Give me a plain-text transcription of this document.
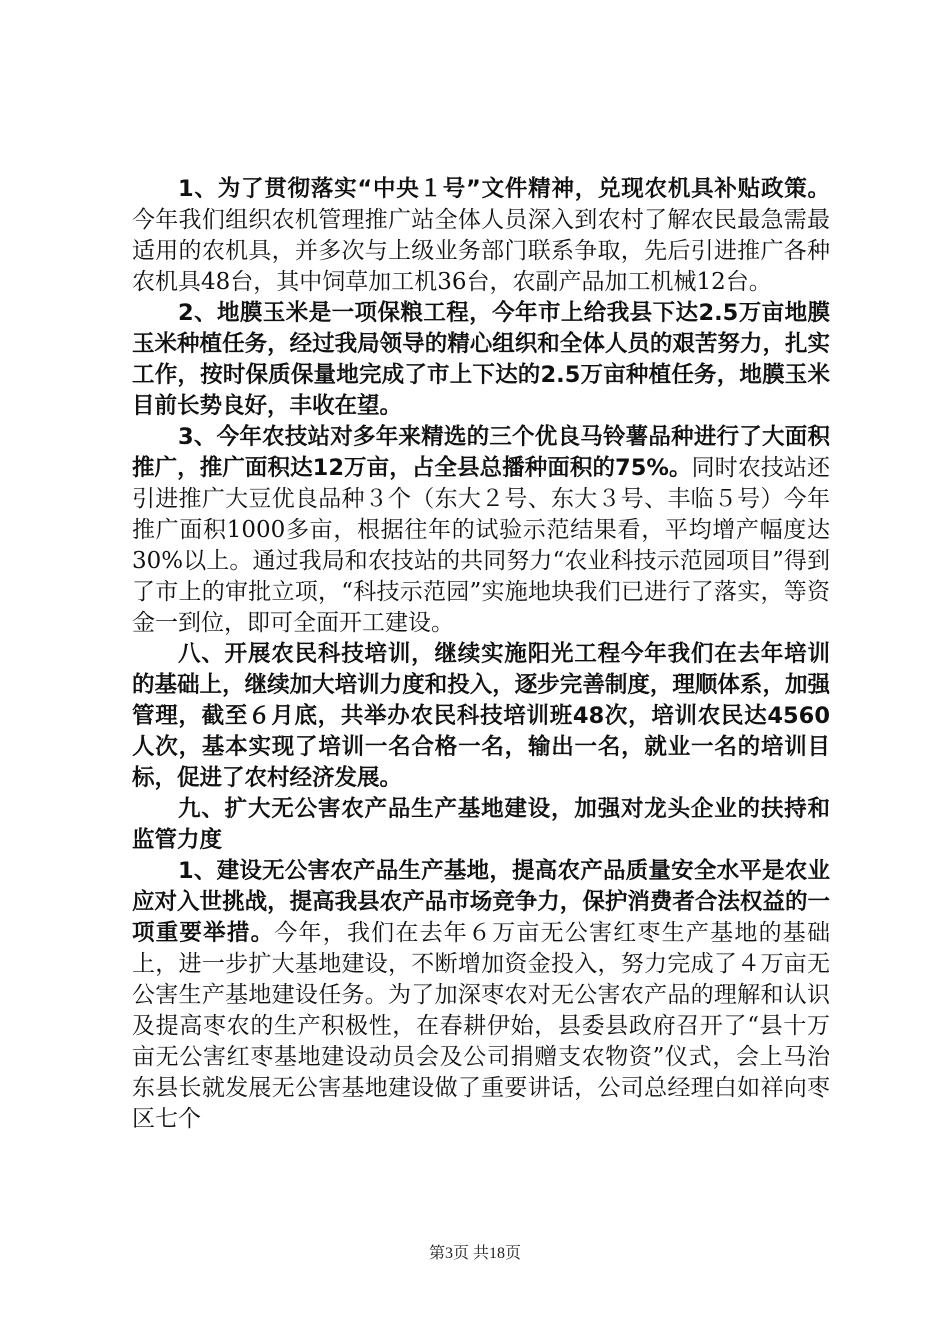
1、为了贯彻落实“中央１号”文件精神，兑现农机具补贴政策。今年我们组织农机管理推广站全体人员深入到农村了解农民最急需最适用的农机具，并多次与上级业务部门联系争取，先后引进推广各种农机具48台，其中饲草加工机36台，农副产品加工机械12台。

2、地膜玉米是一项保粮工程，今年市上给我县下达2.5万亩地膜玉米种植任务，经过我局领导的精心组织和全体人员的艰苦努力，扎实工作，按时保质保量地完成了市上下达的2.5万亩种植任务，地膜玉米目前长势良好，丰收在望。

3、今年农技站对多年来精选的三个优良马铃薯品种进行了大面积推广，推广面积达12万亩，占全县总播种面积的75%。同时农技站还引进推广大豆优良品种３个（东大２号、东大３号、丰临５号）今年推广面积1000多亩，根据往年的试验示范结果看，平均增产幅度达30%以上。通过我局和农技站的共同努力“农业科技示范园项目”得到了市上的审批立项，“科技示范园”实施地块我们已进行了落实，等资金一到位，即可全面开工建设。

八、开展农民科技培训，继续实施阳光工程今年我们在去年培训的基础上，继续加大培训力度和投入，逐步完善制度，理顺体系，加强管理，截至６月底，共举办农民科技培训班48次，培训农民达4560人次，基本实现了培训一名合格一名，输出一名，就业一名的培训目标，促进了农村经济发展。

九、扩大无公害农产品生产基地建设，加强对龙头企业的扶持和监管力度

1、建设无公害农产品生产基地，提高农产品质量安全水平是农业应对入世挑战，提高我县农产品市场竞争力，保护消费者合法权益的一项重要举措。今年，我们在去年６万亩无公害红枣生产基地的基础上，进一步扩大基地建设，不断增加资金投入，努力完成了４万亩无公害生产基地建设任务。为了加深枣农对无公害农产品的理解和认识及提高枣农的生产积极性，在春耕伊始，县委县政府召开了“县十万亩无公害红枣基地建设动员会及公司捐赠支农物资”仪式，会上马治东县长就发展无公害基地建设做了重要讲话，公司总经理白如祥向枣区七个

第3页 共18页
